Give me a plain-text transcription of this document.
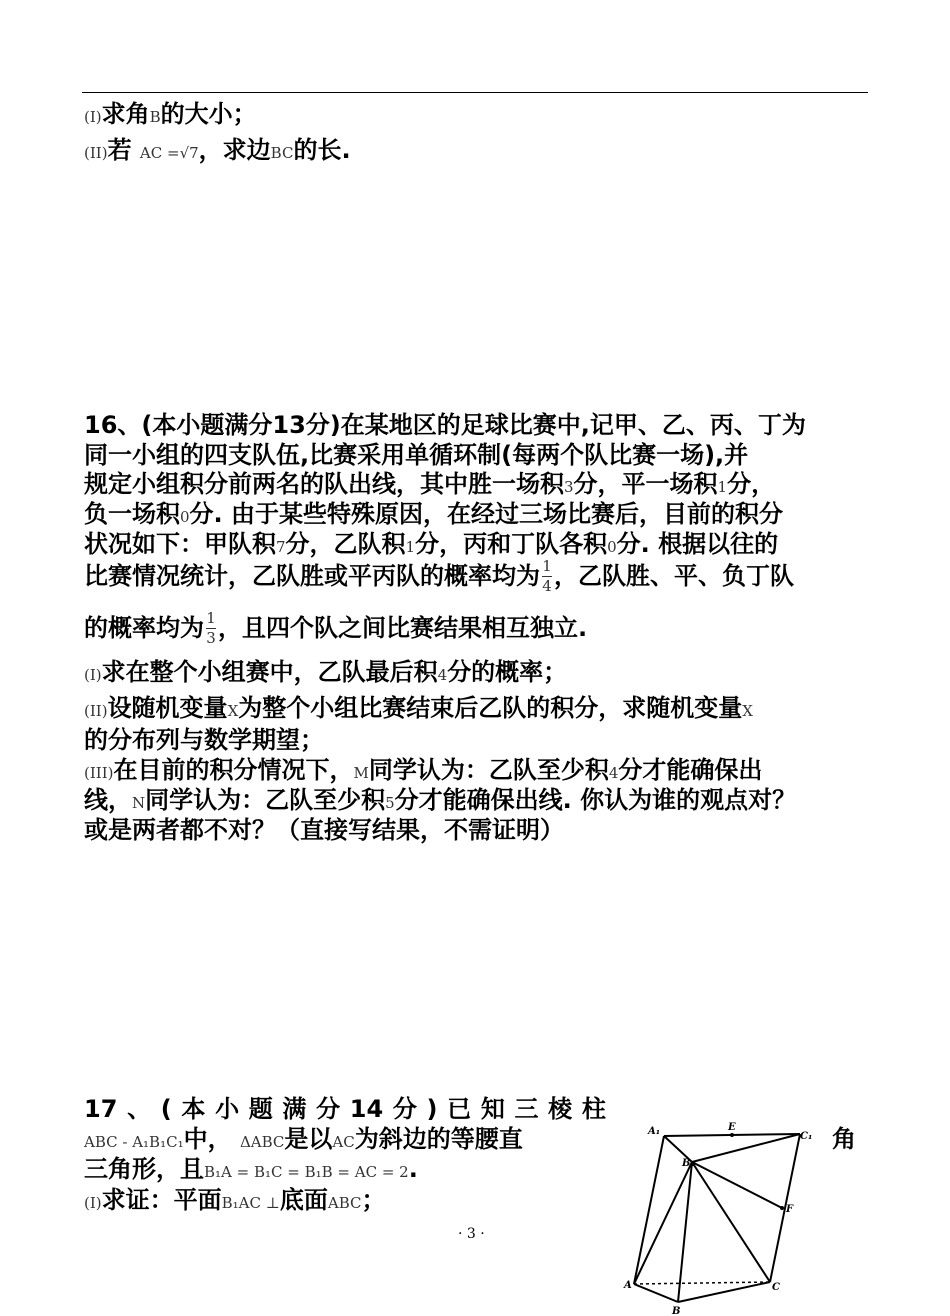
(I)求角B的大小；
(II)若 AC =√7，求边BC的长.
16、(本小题满分13分)在某地区的足球比赛中,记甲、乙、丙、丁为
同一小组的四支队伍,比赛采用单循环制(每两个队比赛一场),并
规定小组积分前两名的队出线，其中胜一场积3分，平一场积1分，
负一场积0分. 由于某些特殊原因，在经过三场比赛后，目前的积分
状况如下：甲队积7分，乙队积1分，丙和丁队各积0分. 根据以往的
比赛情况统计，乙队胜或平丙队的概率均为 $\frac{1}{4}$ ，乙队胜、平、负丁队
的概率均为 $\frac{1}{3}$ ，且四个队之间比赛结果相互独立.
(I)求在整个小组赛中，乙队最后积4分的概率；
(II)设随机变量X为整个小组比赛结束后乙队的积分，求随机变量X
的分布列与数学期望；
(III)在目前的积分情况下，M同学认为：乙队至少积4分才能确保出
线，N同学认为：乙队至少积5分才能确保出线. 你认为谁的观点对？
或是两者都不对？（直接写结果，不需证明）
17 、 ( 本 小 题 满 分 14 分 ) 已 知 三 棱 柱
ABC - A₁B₁C₁中， ΔABC是以AC为斜边的等腰直	角
三角形，且B₁A = B₁C = B₁B = AC = 2.
(I)求证：平面B₁AC ⊥底面ABC；
A₁	E
C₁
B₁
F
A	C
B
· 3 ·
